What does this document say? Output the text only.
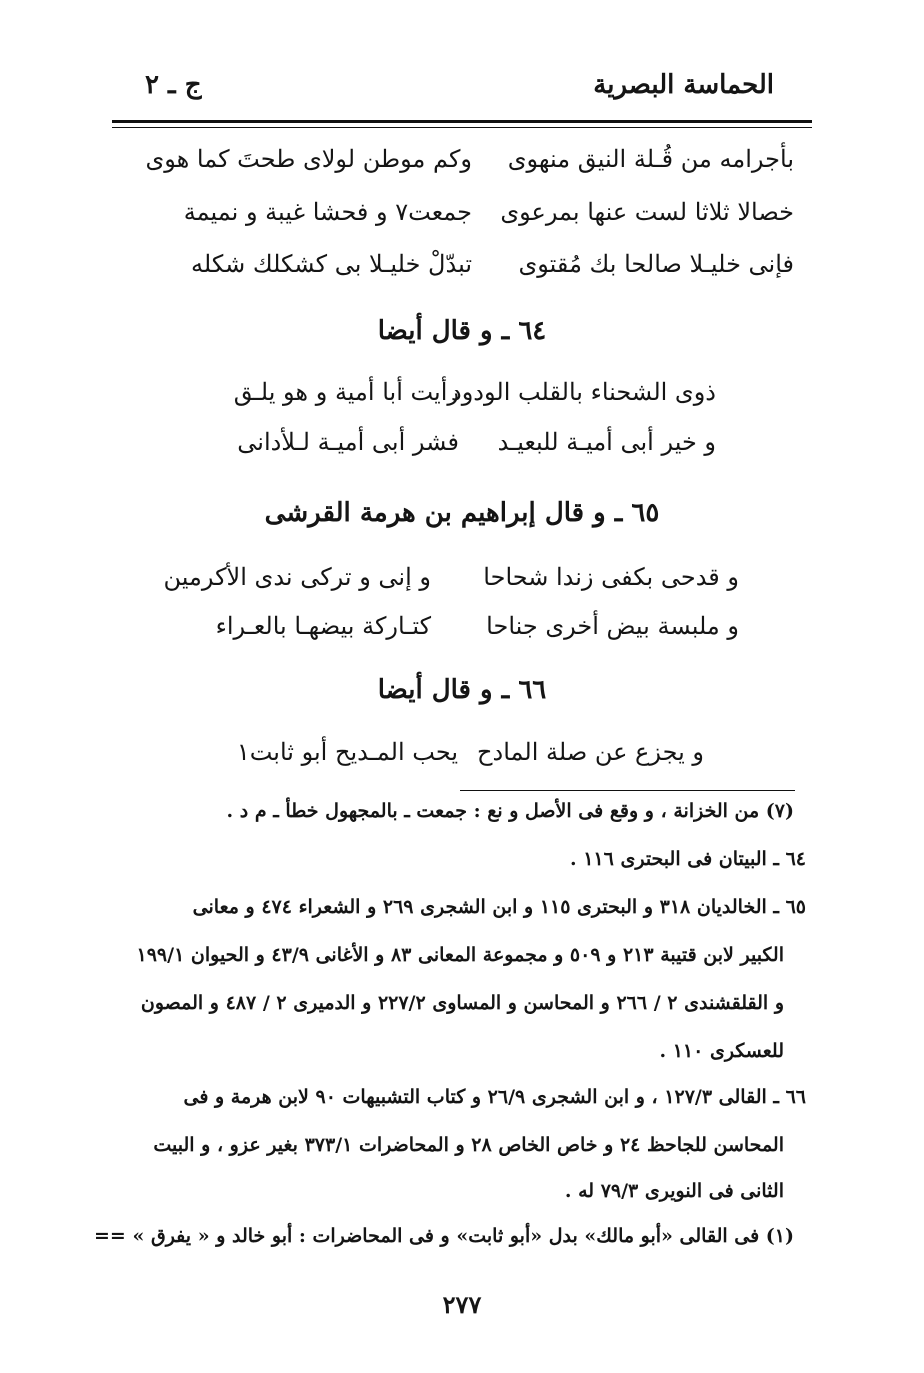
الحماسة البصرية
ج ـ ٢
وكم موطن لولاى طحتَ كما هوى بأجرامه من قُـلة النيق منهوى
جمعت٧ و فحشا غيبة و نميمة خصالا ثلاثا لست عنها بمرعوى
تبدّلْ خليـلا بى كشكلك شكله فإنى خليـلا صالحا بك مُقتوى
٦٤ ـ و قال أيضا
رأيت أبا أمية و هو يلـق
ذوى الشحناء بالقلب الودود
فشر أبى أميـة لـلأدانى و خير أبى أميـة للبعيـد
٦٥ ـ و قال إبراهيم بن هرمة القرشى
و إنى و تركى ندى الأكرمين و قدحى بكفى زندا شحاحا
كتـاركة بيضهـا بالعـراء و ملبسة بيض أخرى جناحا
٦٦ ـ و قال أيضا
يحب المـديح أبو ثابت١ و يجزع عن صلة المادح
(٧) من الخزانة ، و وقع فى الأصل و نع : جمعت ـ بالمجهول خطأ ـ م د .
٦٤ ـ البيتان فى البحترى ١١٦ .
٦٥ ـ الخالديان ٣١٨ و البحترى ١١٥ و ابن الشجرى ٢٦٩ و الشعراء ٤٧٤ و معانى
الكبير لابن قتيبة ٢١٣ و ٥٠٩ و مجموعة المعانى ٨٣ و الأغانى ٤٣/٩ و الحيوان ١٩٩/١
و القلقشندى ٢ / ٢٦٦ و المحاسن و المساوى ٢٢٧/٢ و الدميرى ٢ / ٤٨٧ و المصون
للعسكرى ١١٠ .
٦٦ ـ القالى ١٢٧/٣ ، و ابن الشجرى ٢٦/٩ و كتاب التشبيهات ٩٠ لابن هرمة و فى
المحاسن للجاحظ ٢٤ و خاص الخاص ٢٨ و المحاضرات ٣٧٣/١ بغير عزو ، و البيت
الثانى فى النويرى ٧٩/٣ له .
(١) فى القالى «أبو مالك» بدل «أبو ثابت» و فى المحاضرات : أبو خالد و « يفرق » ==
٢٧٧
